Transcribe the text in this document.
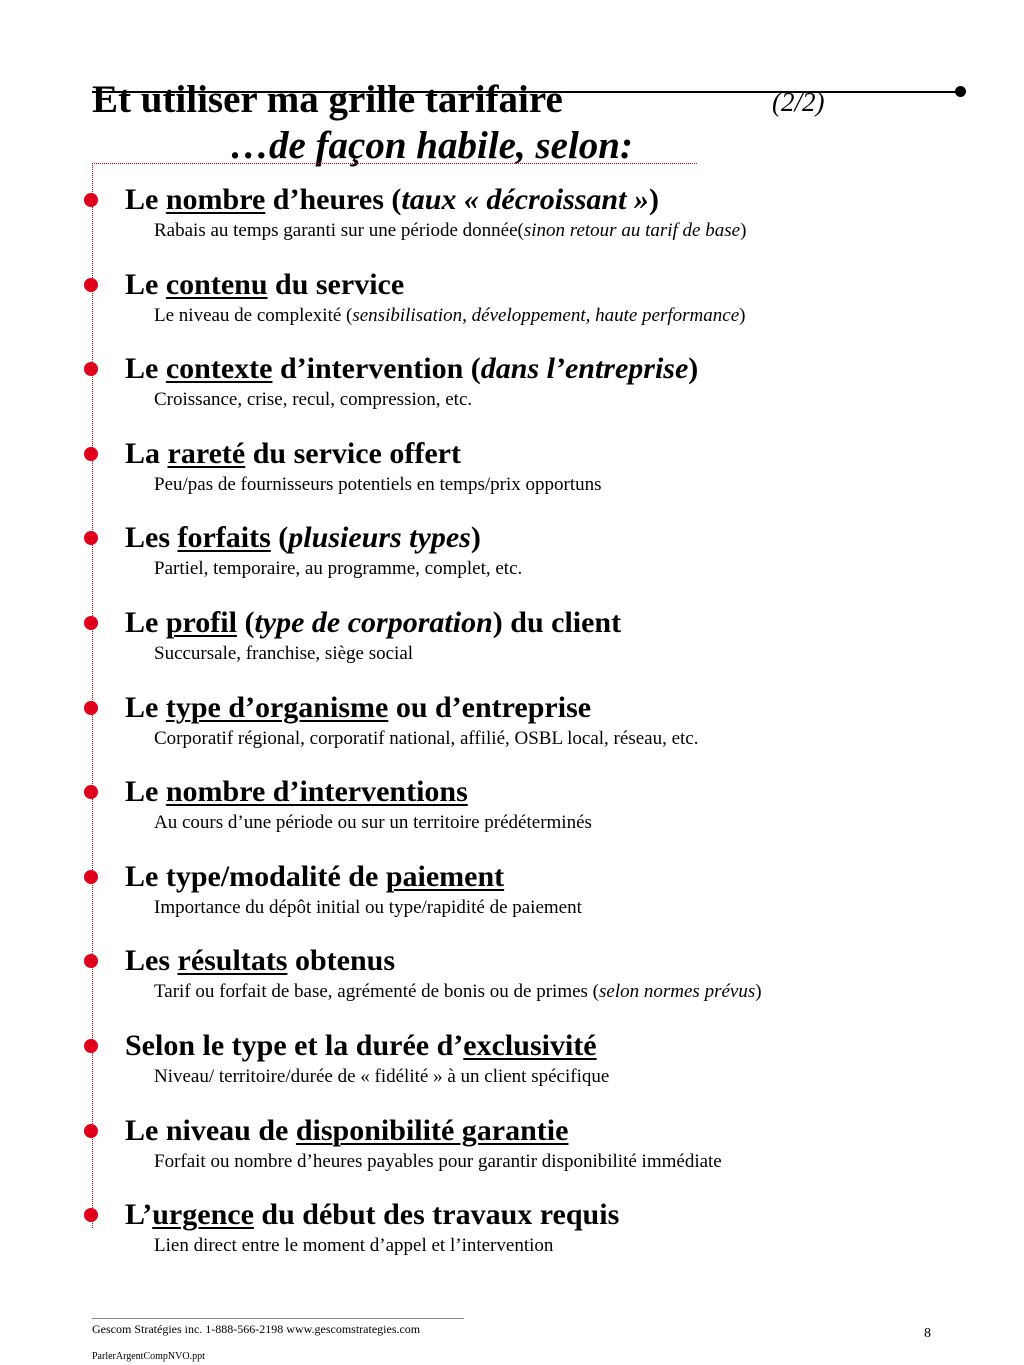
Et utiliser ma grille tarifaire	(2/2)
…de façon habile, selon:
Le nombre d’heures (taux « décroissant »)
Rabais au temps garanti sur une période donnée(sinon retour au tarif de base)
Le contenu du service
Le niveau de complexité (sensibilisation, développement, haute performance)
Le contexte d’intervention (dans l’entreprise)
Croissance, crise, recul, compression, etc.
La rareté du service offert
Peu/pas de fournisseurs potentiels en temps/prix opportuns
Les forfaits (plusieurs types)
Partiel, temporaire, au programme, complet, etc.
Le profil (type de corporation) du client
Succursale, franchise, siège social
Le type d’organisme ou d’entreprise
Corporatif régional, corporatif national, affilié, OSBL local, réseau, etc.
Le nombre d’interventions
Au cours d’une période ou sur un territoire prédéterminés
Le type/modalité de paiement
Importance du dépôt initial ou type/rapidité de paiement
Les résultats obtenus
Tarif ou forfait de base, agrémenté de bonis ou de primes (selon normes prévus)
Selon le type et la durée d’exclusivité
Niveau/ territoire/durée de « fidélité » à un client spécifique
Le niveau de disponibilité garantie
Forfait ou nombre d’heures payables pour garantir disponibilité immédiate
L’urgence du début des travaux requis
Lien direct entre le moment d’appel et l’intervention
Gescom Stratégies inc. 1-888-566-2198 www.gescomstrategies.com	8
ParlerArgentCompNVO.ppt
